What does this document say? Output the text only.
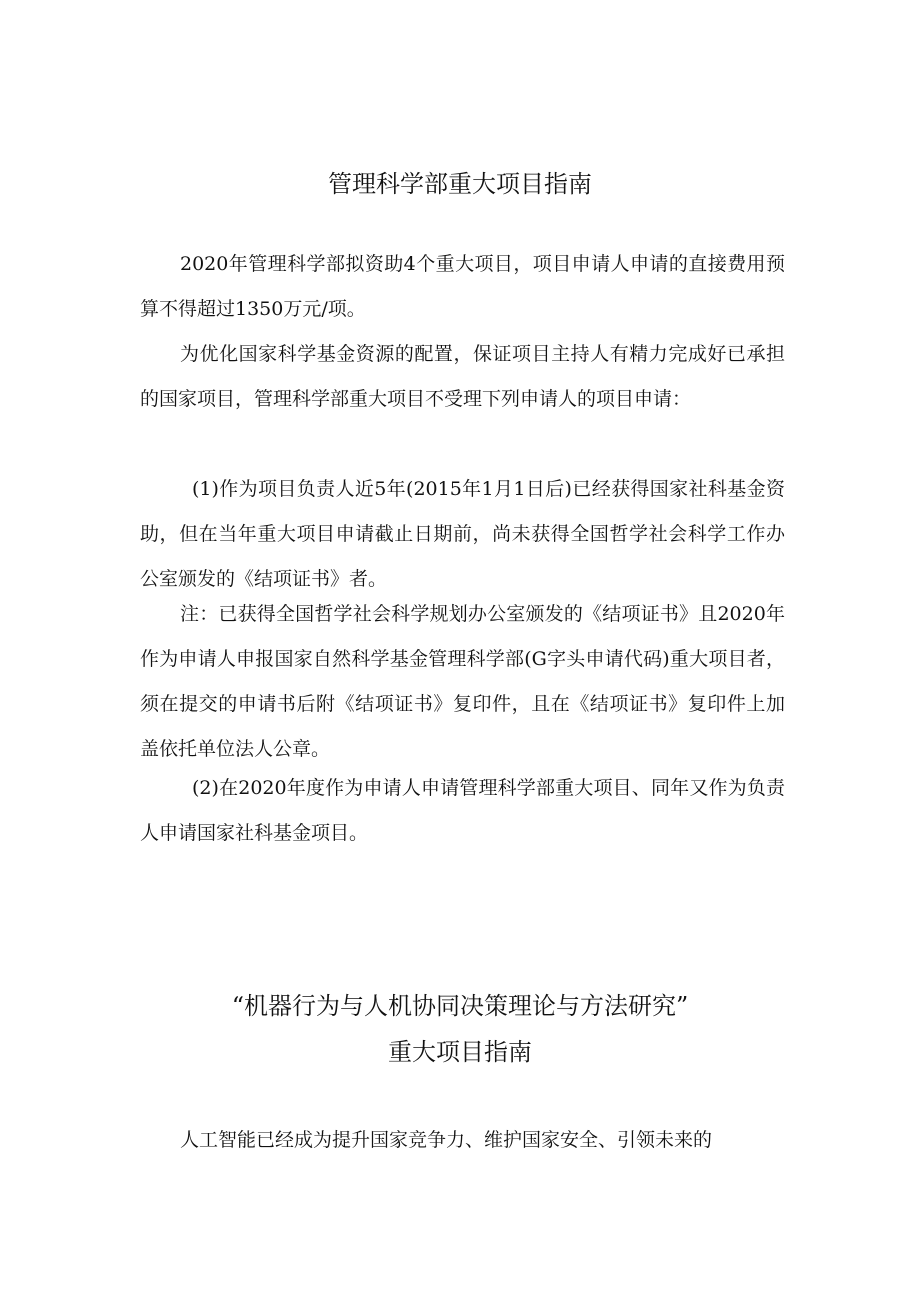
管理科学部重大项目指南

2020年管理科学部拟资助4个重大项目，项目申请人申请的直接费用预算不得超过1350万元/项。

为优化国家科学基金资源的配置，保证项目主持人有精力完成好已承担的国家项目，管理科学部重大项目不受理下列申请人的项目申请：

(1)作为项目负责人近5年(2015年1月1日后)已经获得国家社科基金资助，但在当年重大项目申请截止日期前，尚未获得全国哲学社会科学工作办公室颁发的《结项证书》者。

注：已获得全国哲学社会科学规划办公室颁发的《结项证书》且2020年作为申请人申报国家自然科学基金管理科学部(G字头申请代码)重大项目者，须在提交的申请书后附《结项证书》复印件，且在《结项证书》复印件上加盖依托单位法人公章。

(2)在2020年度作为申请人申请管理科学部重大项目、同年又作为负责人申请国家社科基金项目。

“机器行为与人机协同决策理论与方法研究”
重大项目指南

人工智能已经成为提升国家竞争力、维护国家安全、引领未来的
